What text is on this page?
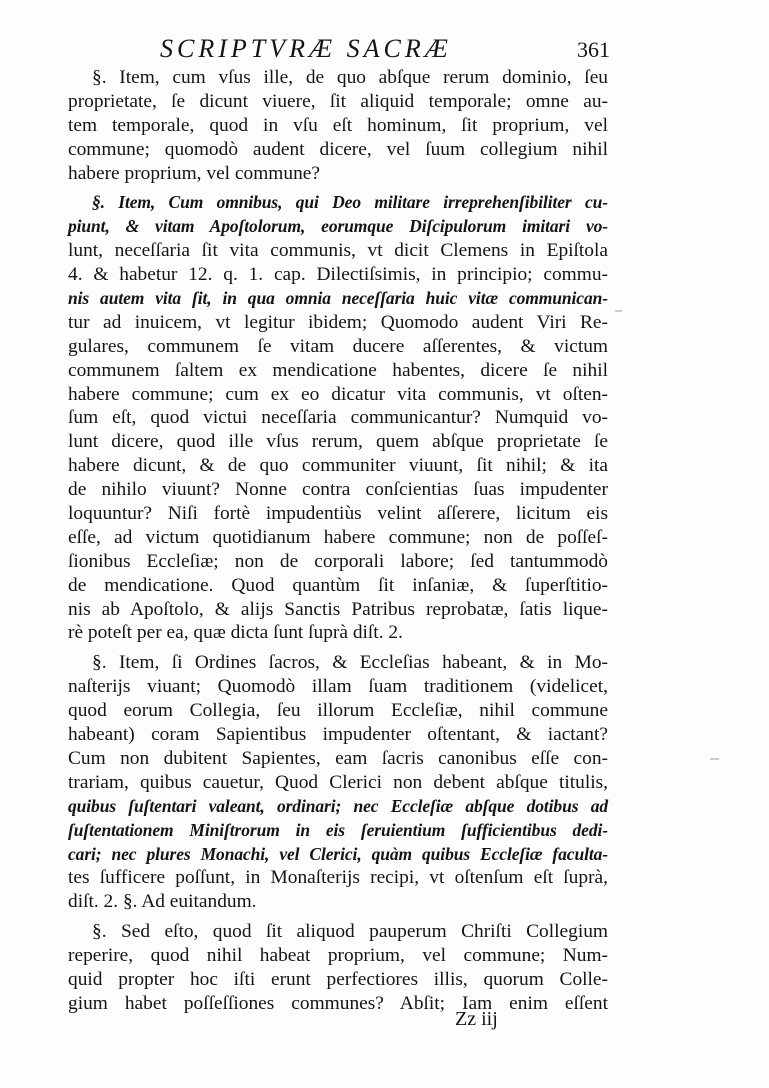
SCRIPTVRÆ SACRÆ	361
§. Item, cum vſus ille, de quo abſque rerum dominio, ſeu
proprietate, ſe dicunt viuere, ſit aliquid temporale; omne au-
tem temporale, quod in vſu eſt hominum, ſit proprium, vel
commune; quomodò audent dicere, vel ſuum collegium nihil
habere proprium, vel commune?
§. Item, Cum omnibus, qui Deo militare irreprehenſibiliter cu-
piunt, & vitam Apoſtolorum, eorumque Diſcipulorum imitari vo-
lunt, neceſſaria ſit vita communis, vt dicit Clemens in Epiſtola
4. & habetur 12. q. 1. cap. Dilectiſsimis, in principio; commu-
nis autem vita ſit, in qua omnia neceſſaria huic vitæ communican-
tur ad inuicem, vt legitur ibidem; Quomodo audent Viri Re-
gulares, communem ſe vitam ducere aſſerentes, & victum
communem ſaltem ex mendicatione habentes, dicere ſe nihil
habere commune; cum ex eo dicatur vita communis, vt oſten-
ſum eſt, quod victui neceſſaria communicantur? Numquid vo-
lunt dicere, quod ille vſus rerum, quem abſque proprietate ſe
habere dicunt, & de quo communiter viuunt, ſit nihil; & ita
de nihilo viuunt? Nonne contra conſcientias ſuas impudenter
loquuntur? Niſi fortè impudentiùs velint aſſerere, licitum eis
eſſe, ad victum quotidianum habere commune; non de poſſeſ-
ſionibus Eccleſiæ; non de corporali labore; ſed tantummodò
de mendicatione. Quod quantùm ſit inſaniæ, & ſuperſtitio-
nis ab Apoſtolo, & alijs Sanctis Patribus reprobatæ, ſatis lique-
rè poteſt per ea, quæ dicta ſunt ſuprà diſt. 2.
§. Item, ſi Ordines ſacros, & Eccleſias habeant, & in Mo-
naſterijs viuant; Quomodò illam ſuam traditionem (videlicet,
quod eorum Collegia, ſeu illorum Eccleſiæ, nihil commune
habeant) coram Sapientibus impudenter oſtentant, & iactant?
Cum non dubitent Sapientes, eam ſacris canonibus eſſe con-
trariam, quibus cauetur, Quod Clerici non debent abſque titulis,
quibus ſuſtentari valeant, ordinari; nec Eccleſiæ abſque dotibus ad
ſuſtentationem Miniſtrorum in eis ſeruientium ſufficientibus dedi-
cari; nec plures Monachi, vel Clerici, quàm quibus Eccleſiæ faculta-
tes ſufficere poſſunt, in Monaſterijs recipi, vt oſtenſum eſt ſuprà,
diſt. 2. §. Ad euitandum.
§. Sed eſto, quod ſit aliquod pauperum Chriſti Collegium
reperire, quod nihil habeat proprium, vel commune; Num-
quid propter hoc iſti erunt perfectiores illis, quorum Colle-
gium habet poſſeſſiones communes? Abſit; Iam enim eſſent
Zz iij
